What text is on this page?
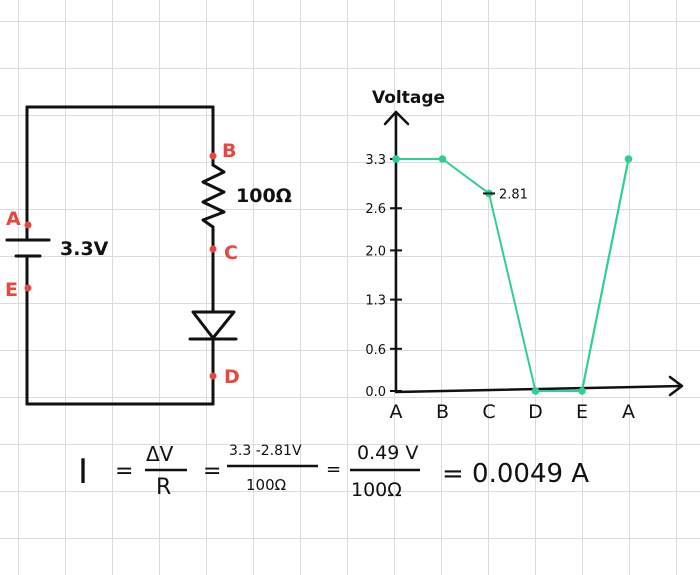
A
E
B
C
D
3.3V
100Ω
Voltage
0.0
0.6
1.3
2.0
2.6
3.3
A B C D E A
2.81
I =
ΔV
R
=
3.3 -2.81V
100Ω
=
0.49 V
100Ω
= 0.0049 A
